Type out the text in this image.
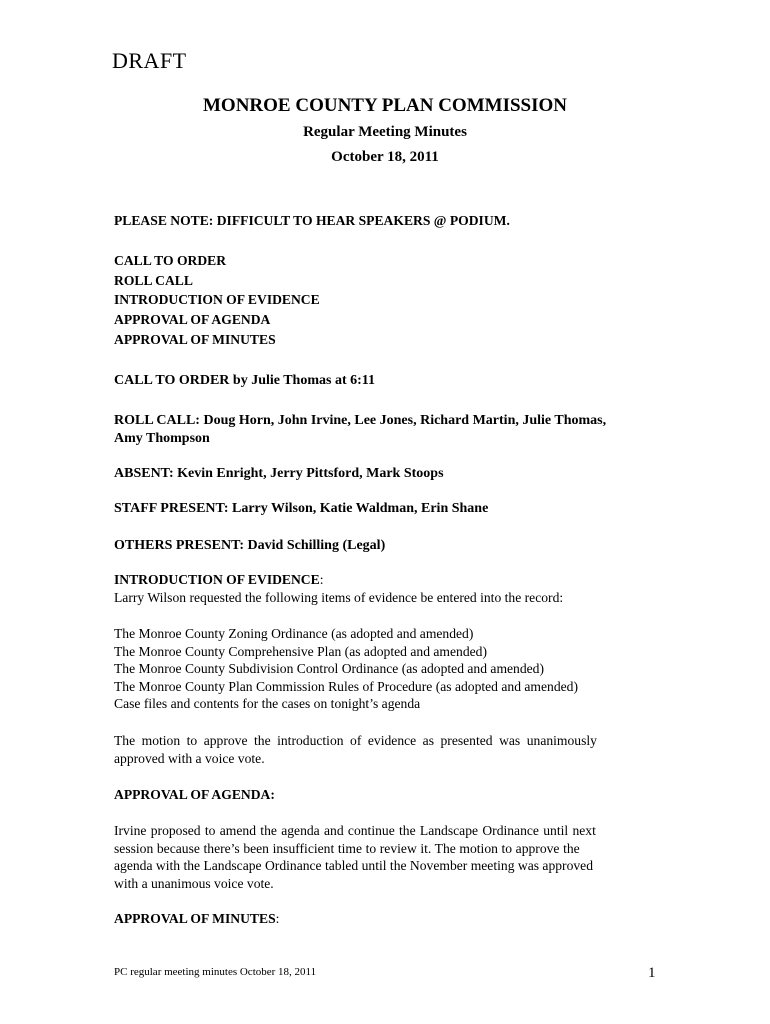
DRAFT
MONROE COUNTY PLAN COMMISSION
Regular Meeting Minutes
October 18, 2011
PLEASE NOTE: DIFFICULT TO HEAR SPEAKERS @ PODIUM.
CALL TO ORDER
ROLL CALL
INTRODUCTION OF EVIDENCE
APPROVAL OF AGENDA
APPROVAL OF MINUTES
CALL TO ORDER by Julie Thomas at 6:11
ROLL CALL: Doug Horn, John Irvine, Lee Jones, Richard Martin, Julie Thomas,
Amy Thompson
ABSENT: Kevin Enright, Jerry Pittsford, Mark Stoops
STAFF PRESENT: Larry Wilson, Katie Waldman, Erin Shane
OTHERS PRESENT: David Schilling (Legal)
INTRODUCTION OF EVIDENCE:
Larry Wilson requested the following items of evidence be entered into the record:
The Monroe County Zoning Ordinance (as adopted and amended)
The Monroe County Comprehensive Plan (as adopted and amended)
The Monroe County Subdivision Control Ordinance (as adopted and amended)
The Monroe County Plan Commission Rules of Procedure (as adopted and amended)
Case files and contents for the cases on tonight’s agenda
The motion to approve the introduction of evidence as presented was unanimously
approved with a voice vote.
APPROVAL OF AGENDA:
Irvine proposed to amend the agenda and continue the Landscape Ordinance until next
session because there’s been insufficient time to review it. The motion to approve the
agenda with the Landscape Ordinance tabled until the November meeting was approved
with a unanimous voice vote.
APPROVAL OF MINUTES:
PC regular meeting minutes October 18, 2011	1
